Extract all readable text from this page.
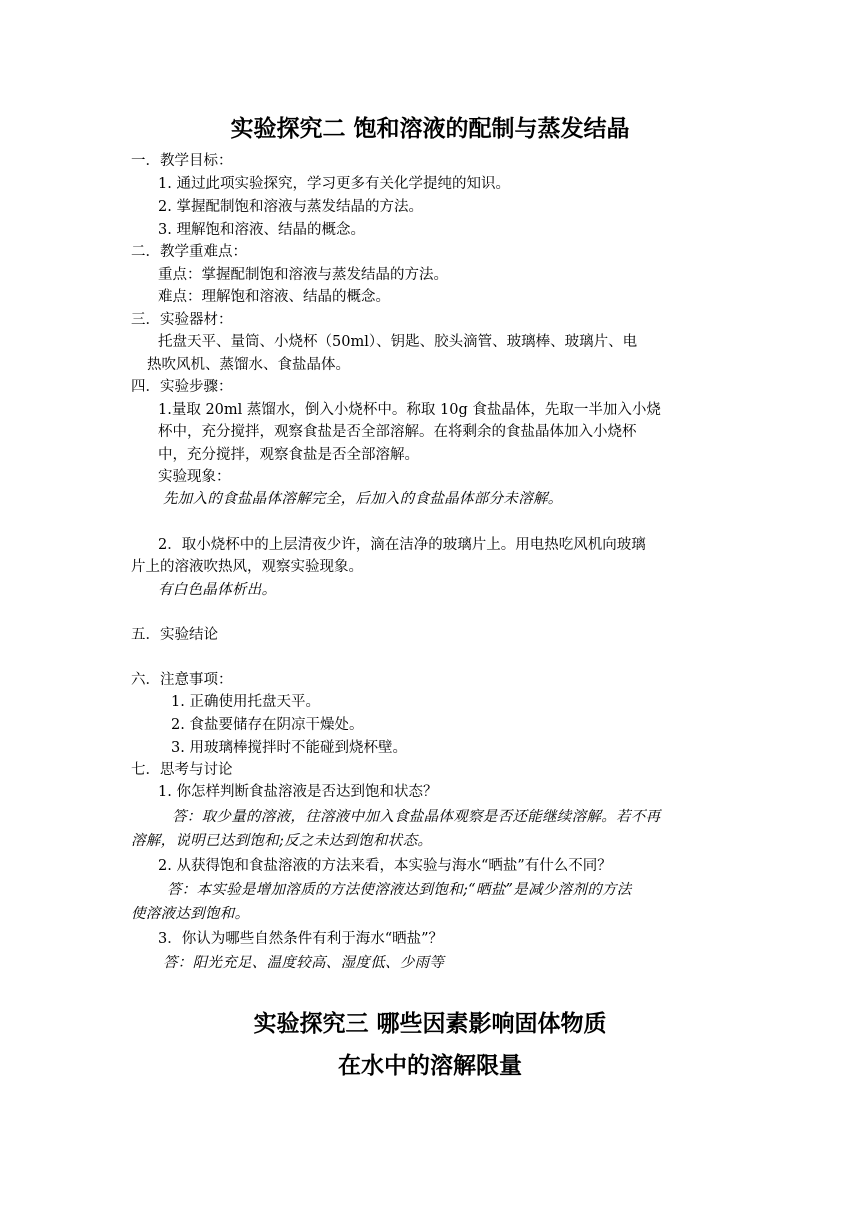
实验探究二 饱和溶液的配制与蒸发结晶

一．教学目标：

1. 通过此项实验探究，学习更多有关化学提纯的知识。

2. 掌握配制饱和溶液与蒸发结晶的方法。

3. 理解饱和溶液、结晶的概念。

二．教学重难点：

重点：掌握配制饱和溶液与蒸发结晶的方法。

难点：理解饱和溶液、结晶的概念。

三．实验器材：

托盘天平、量筒、小烧杯（50ml）、钥匙、胶头滴管、玻璃棒、玻璃片、电

热吹风机、蒸馏水、食盐晶体。

四．实验步骤：

1.量取 20ml 蒸馏水，倒入小烧杯中。称取 10g 食盐晶体，先取一半加入小烧

杯中，充分搅拌，观察食盐是否全部溶解。在将剩余的食盐晶体加入小烧杯

中，充分搅拌，观察食盐是否全部溶解。

实验现象：

先加入的食盐晶体溶解完全，后加入的食盐晶体部分未溶解。

2．取小烧杯中的上层清夜少许，滴在洁净的玻璃片上。用电热吃风机向玻璃

片上的溶液吹热风，观察实验现象。

有白色晶体析出。

五．实验结论

六．注意事项：

1. 正确使用托盘天平。

2. 食盐要储存在阴凉干燥处。

3. 用玻璃棒搅拌时不能碰到烧杯壁。

七．思考与讨论

1. 你怎样判断食盐溶液是否达到饱和状态？

答：取少量的溶液，往溶液中加入食盐晶体观察是否还能继续溶解。若不再

溶解，说明已达到饱和;反之未达到饱和状态。

2. 从获得饱和食盐溶液的方法来看，本实验与海水“晒盐”有什么不同？

答：本实验是增加溶质的方法使溶液达到饱和;“晒盐”是减少溶剂的方法

使溶液达到饱和。

3．你认为哪些自然条件有利于海水“晒盐”？

答：阳光充足、温度较高、湿度低、少雨等

实验探究三 哪些因素影响固体物质
在水中的溶解限量
